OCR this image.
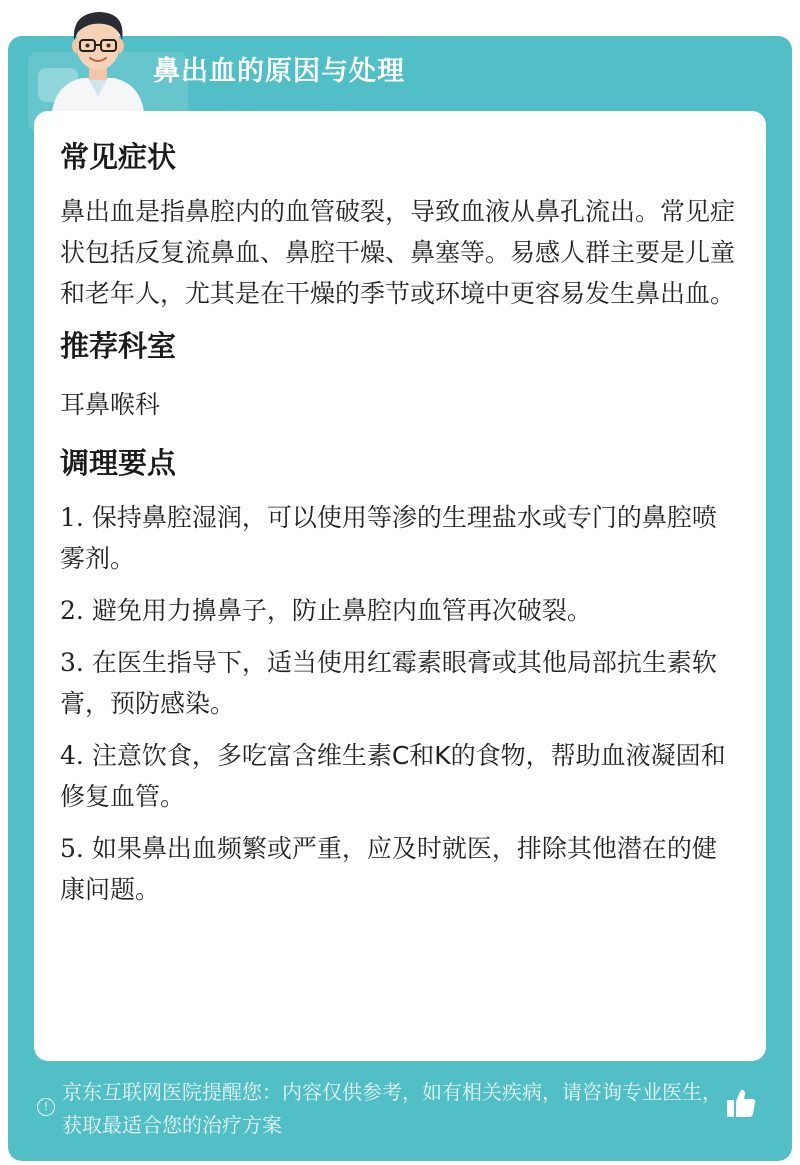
鼻出血的原因与处理
常见症状
鼻出血是指鼻腔内的血管破裂，导致血液从鼻孔流出。常见症状包括反复流鼻血、鼻腔干燥、鼻塞等。易感人群主要是儿童和老年人，尤其是在干燥的季节或环境中更容易发生鼻出血。
推荐科室
耳鼻喉科
调理要点
1. 保持鼻腔湿润，可以使用等渗的生理盐水或专门的鼻腔喷雾剂。
2. 避免用力擤鼻子，防止鼻腔内血管再次破裂。
3. 在医生指导下，适当使用红霉素眼膏或其他局部抗生素软膏，预防感染。
4. 注意饮食，多吃富含维生素C和K的食物，帮助血液凝固和修复血管。
5. 如果鼻出血频繁或严重，应及时就医，排除其他潜在的健康问题。
!
京东互联网医院提醒您：内容仅供参考，如有相关疾病，请咨询专业医生，获取最适合您的治疗方案
